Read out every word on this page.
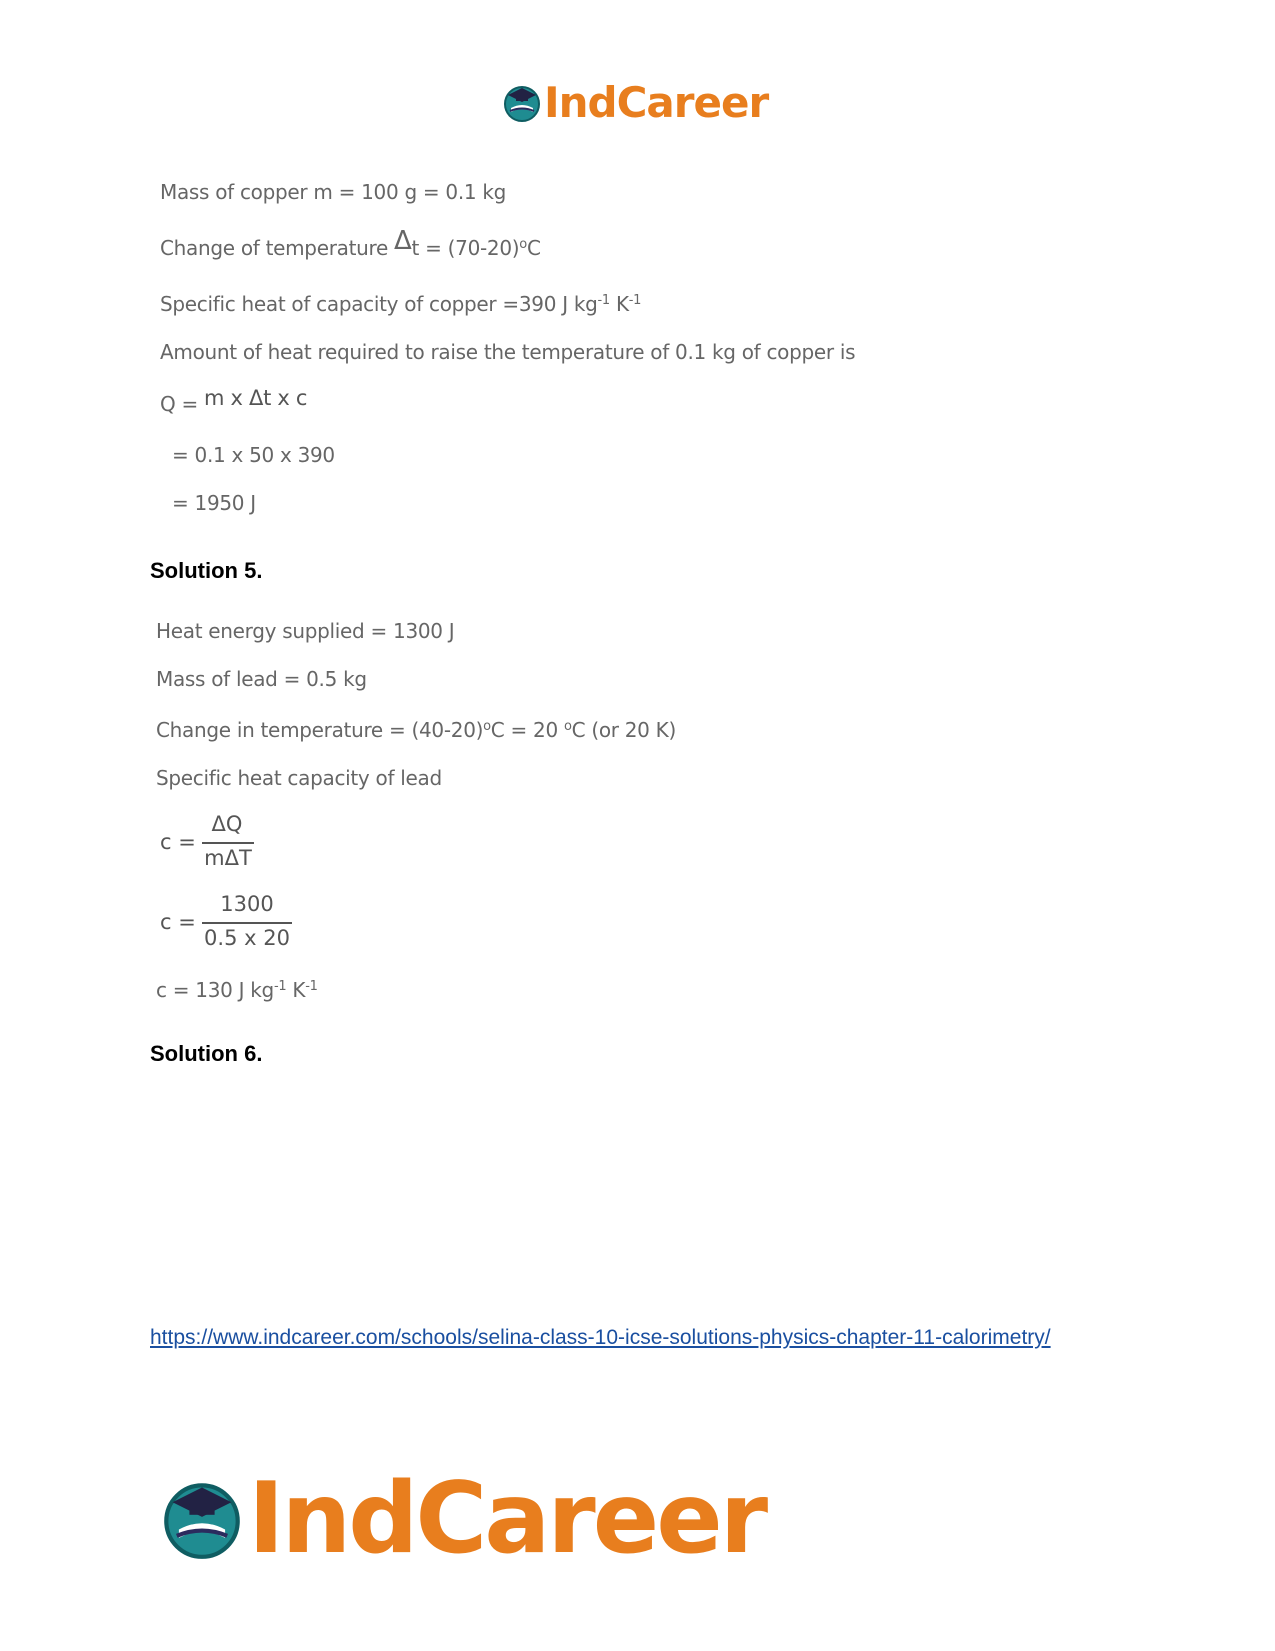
IndCareer
Mass of copper m = 100 g = 0.1 kg
Change of temperature $\Delta t = (70-20)^oC$
Specific heat of capacity of copper =390 J $kg^{-1}$ $K^{-1}$
Amount of heat required to raise the temperature of 0.1 kg of copper is
Q = m x Δt x c
= 0.1 x 50 x 390
= 1950 J
Solution 5.
Heat energy supplied = 1300 J
Mass of lead = 0.5 kg
Change in temperature = $(40-20)^oC = 20$ $^o$C (or 20 K)
Specific heat capacity of lead
c =
ΔQ
mΔT
c =
1300
0.5 x 20
c = 130 J $kg^{-1}$ $K^{-1}$
Solution 6.
https://www.indcareer.com/schools/selina-class-10-icse-solutions-physics-chapter-11-calorimetry/
IndCareer
